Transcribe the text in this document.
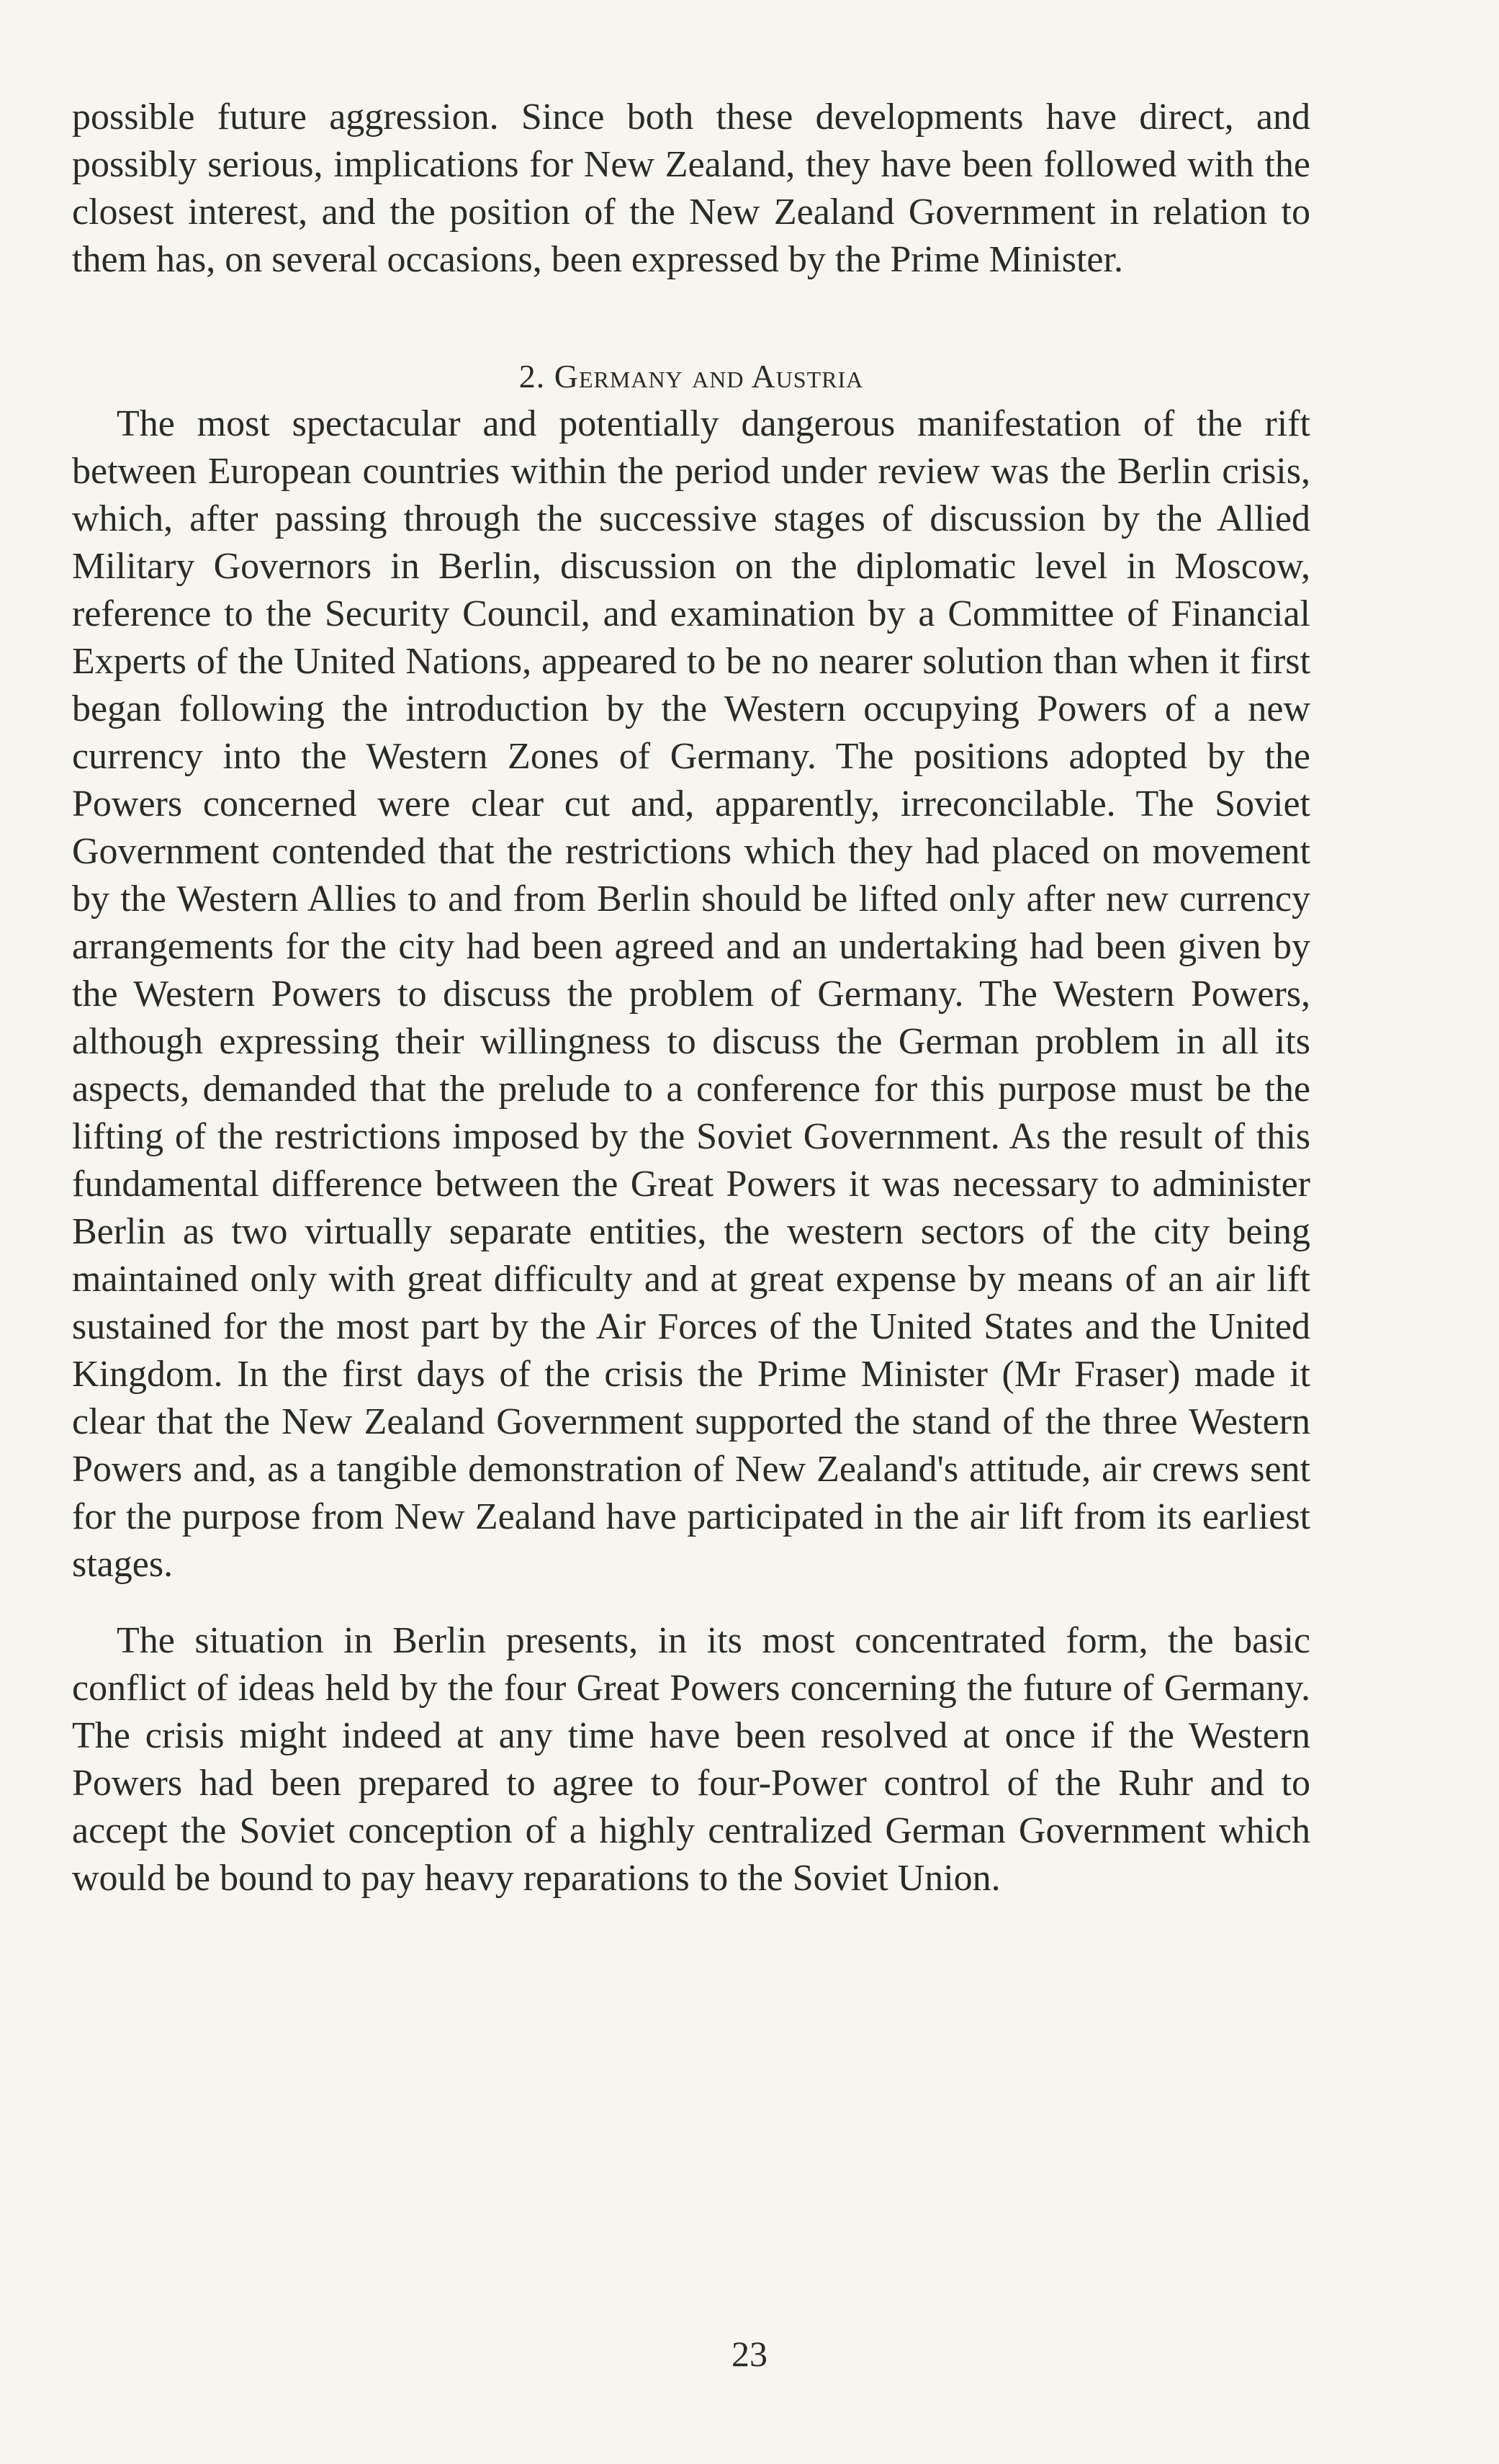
possible future aggression. Since both these developments have direct, and possibly serious, implications for New Zealand, they have been followed with the closest interest, and the position of the New Zealand Government in relation to them has, on several occasions, been expressed by the Prime Minister.

2. Germany and Austria

The most spectacular and potentially dangerous manifestation of the rift between European countries within the period under review was the Berlin crisis, which, after passing through the successive stages of discussion by the Allied Military Governors in Berlin, discussion on the diplomatic level in Moscow, reference to the Security Council, and examination by a Committee of Financial Experts of the United Nations, appeared to be no nearer solution than when it first began following the introduction by the Western occupying Powers of a new currency into the Western Zones of Germany. The positions adopted by the Powers concerned were clear cut and, apparently, irreconcilable. The Soviet Government contended that the restrictions which they had placed on movement by the Western Allies to and from Berlin should be lifted only after new currency arrangements for the city had been agreed and an undertaking had been given by the Western Powers to discuss the problem of Germany. The Western Powers, although expressing their willingness to discuss the German problem in all its aspects, demanded that the prelude to a conference for this purpose must be the lifting of the restrictions imposed by the Soviet Government. As the result of this fundamental difference between the Great Powers it was necessary to administer Berlin as two virtually separate entities, the western sectors of the city being maintained only with great difficulty and at great expense by means of an air lift sustained for the most part by the Air Forces of the United States and the United Kingdom. In the first days of the crisis the Prime Minister (Mr Fraser) made it clear that the New Zealand Government supported the stand of the three Western Powers and, as a tangible demonstration of New Zealand's attitude, air crews sent for the purpose from New Zealand have participated in the air lift from its earliest stages.

The situation in Berlin presents, in its most concentrated form, the basic conflict of ideas held by the four Great Powers concerning the future of Germany. The crisis might indeed at any time have been resolved at once if the Western Powers had been prepared to agree to four-Power control of the Ruhr and to accept the Soviet conception of a highly centralized German Government which would be bound to pay heavy reparations to the Soviet Union.

23
